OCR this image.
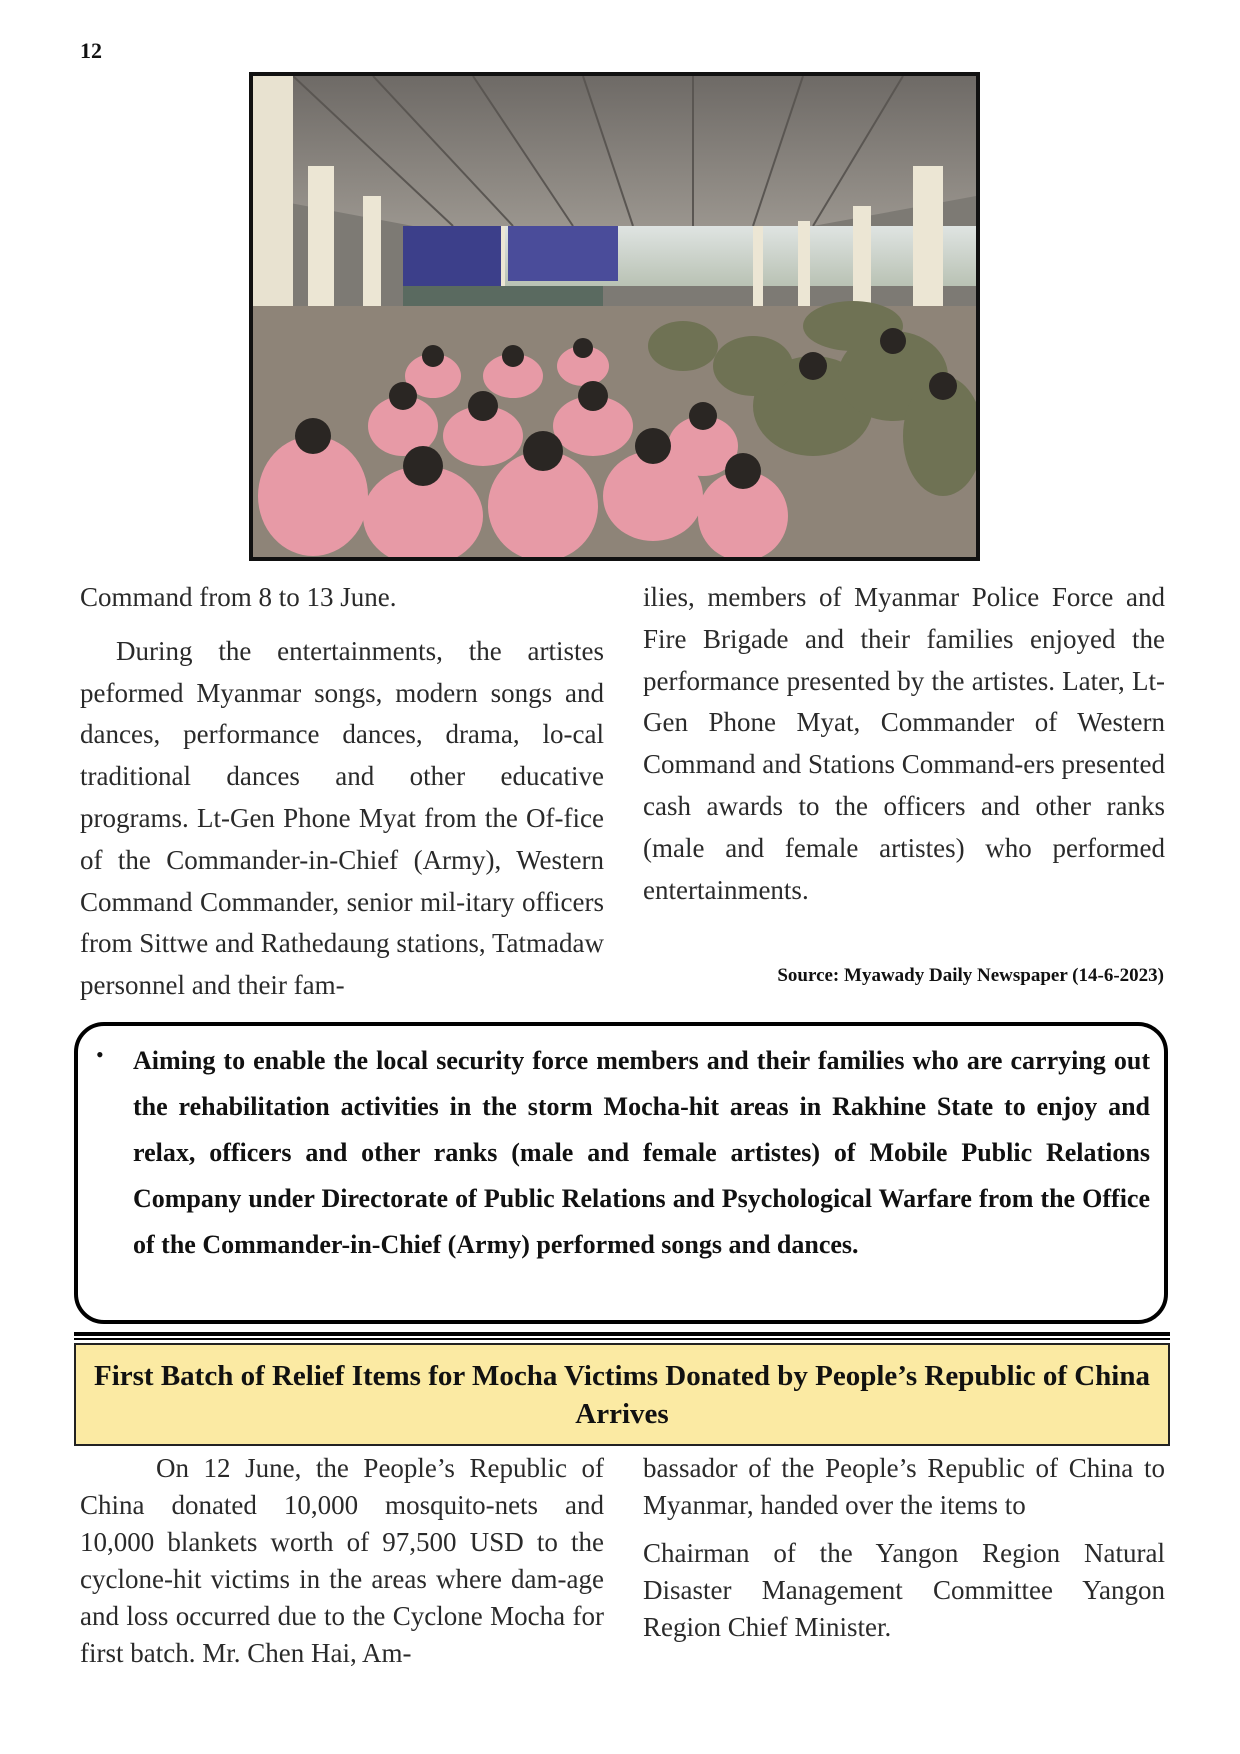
12

Command from 8 to 13 June.

During the entertainments, the artistes peformed Myanmar songs, modern songs and dances, performance dances, drama, lo-cal traditional dances and other educative programs. Lt-Gen Phone Myat from the Of-fice of the Commander-in-Chief (Army), Western Command Commander, senior mil-itary officers from Sittwe and Rathedaung stations, Tatmadaw personnel and their fam-

ilies, members of Myanmar Police Force and Fire Brigade and their families enjoyed the performance presented by the artistes. Later, Lt-Gen Phone Myat, Commander of Western Command and Stations Command-ers presented cash awards to the officers and other ranks (male and female artistes) who performed entertainments.

Source: Myawady Daily Newspaper (14-6-2023)
• Aiming to enable the local security force members and their families who are carrying out the rehabilitation activities in the storm Mocha-hit areas in Rakhine State to enjoy and relax, officers and other ranks (male and female artistes) of Mobile Public Relations Company under Directorate of Public Relations and Psychological Warfare from the Office of the Commander-in-Chief (Army) performed songs and dances.
First Batch of Relief Items for Mocha Victims Donated by People’s Republic of China Arrives

On 12 June, the People’s Republic of China donated 10,000 mosquito-nets and 10,000 blankets worth of 97,500 USD to the cyclone-hit victims in the areas where dam-age and loss occurred due to the Cyclone Mocha for first batch. Mr. Chen Hai, Am-

bassador of the People’s Republic of China to Myanmar, handed over the items to

Chairman of the Yangon Region Natural Disaster Management Committee Yangon Region Chief Minister.
